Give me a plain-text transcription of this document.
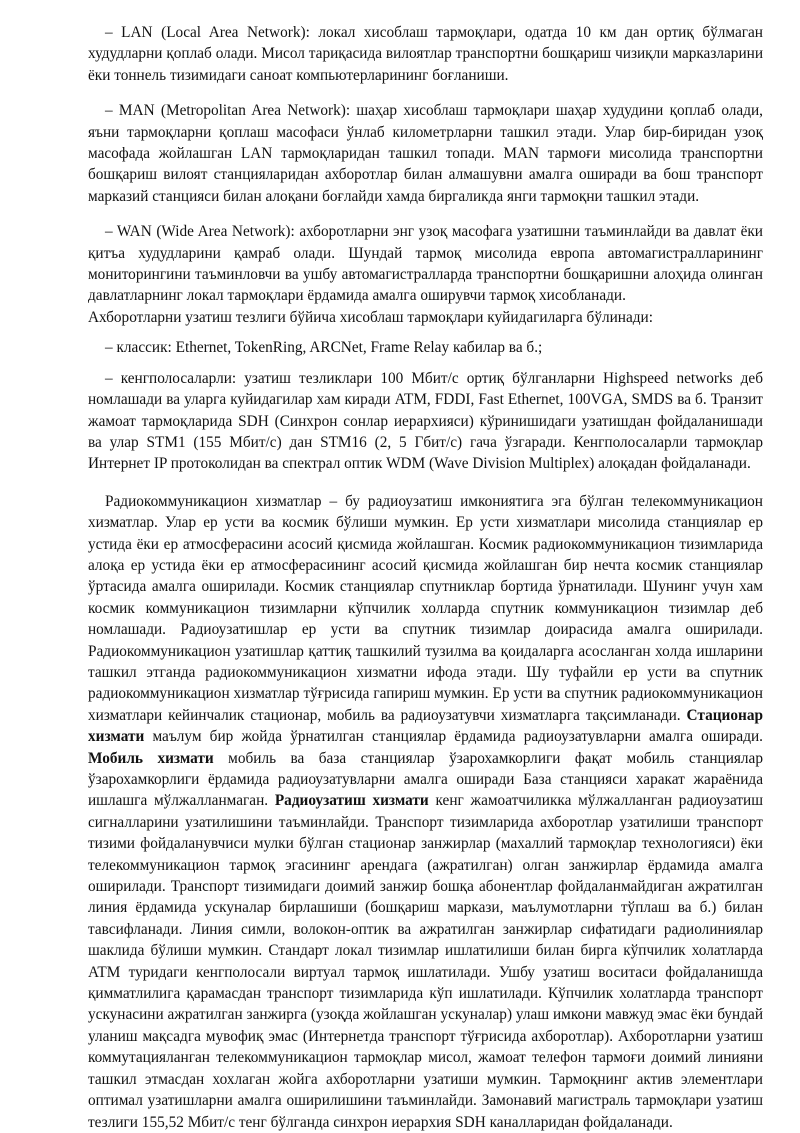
– LAN (Local Area Network): локал хисоблаш тармоқлари, одатда 10 км дан ортиқ бўлмаган худудларни қоплаб олади. Мисол тариқасида вилоятлар транспортни бошқариш чизиқли марказларини ёки тоннель тизимидаги саноат компьютерларининг боғланиши.

– MAN (Metropolitan Area Network): шаҳар хисоблаш тармоқлари шаҳар худудини қоплаб олади, яъни тармоқларни қоплаш масофаси ўнлаб километрларни ташкил этади. Улар бир-биридан узоқ масофада жойлашган LAN тармоқларидан ташкил топади. MAN тармоғи мисолида транспортни бошқариш вилоят станцияларидан ахборотлар билан алмашувни амалга оширади ва бош транспорт марказий станцияси билан алоқани боғлайди хамда биргаликда янги тармоқни ташкил этади.

– WAN (Wide Area Network): ахборотларни энг узоқ масофага узатишни таъминлайди ва давлат ёки қитъа худудларини қамраб олади. Шундай тармоқ мисолида европа автомагистралларининг мониторингини таъминловчи ва ушбу автомагистралларда транспортни бошқаришни алоҳида олинган давлатларнинг локал тармоқлари ёрдамида амалга оширувчи тармоқ хисобланади.

Ахборотларни узатиш тезлиги бўйича хисоблаш тармоқлари куйидагиларга бўлинади:

– классик: Ethernet, TokenRing, ARCNet, Frame Relay кабилар ва б.;

– кенгполосаларли: узатиш тезликлари 100 Мбит/с ортиқ бўлганларни Highspeed networks деб номлашади ва уларга куйидагилар хам киради ATM, FDDI, Fast Ethernet, 100VGA, SMDS ва б. Транзит жамоат тармоқларида SDH (Синхрон сонлар иерархияси) кўринишидаги узатишдан фойдаланишади ва улар STM1 (155 Мбит/с) дан STM16 (2, 5 Гбит/с) гача ўзгаради. Кенгполосаларли тармоқлар Интернет IP протоколидан ва спектрал оптик WDM (Wave Division Multiplex) алоқадан фойдаланади.

Радиокоммуникацион хизматлар – бу радиоузатиш имкониятига эга бўлган телекоммуникацион хизматлар. Улар ер усти ва космик бўлиши мумкин. Ер усти хизматлари мисолида станциялар ер устида ёки ер атмосферасини асосий қисмида жойлашган. Космик радиокоммуникацион тизимларида алоқа ер устида ёки ер атмосферасининг асосий қисмида жойлашган бир нечта космик станциялар ўртасида амалга оширилади. Космик станциялар спутниклар бортида ўрнатилади. Шунинг учун хам космик коммуникацион тизимларни кўпчилик холларда спутник коммуникацион тизимлар деб номлашади. Радиоузатишлар ер усти ва спутник тизимлар доирасида амалга оширилади. Радиокоммуникацион узатишлар қаттиқ ташкилий тузилма ва қоидаларга асосланган холда ишларини ташкил этганда радиокоммуникацион хизматни ифода этади. Шу туфайли ер усти ва спутник радиокоммуникацион хизматлар тўғрисида гапириш мумкин. Ер усти ва спутник радиокоммуникацион хизматлари кейинчалик стационар, мобиль ва радиоузатувчи хизматларга тақсимланади. Стационар хизмати маълум бир жойда ўрнатилган станциялар ёрдамида радиоузатувларни амалга оширади. Мобиль хизмати мобиль ва база станциялар ўзарохамкорлиги фақат мобиль станциялар ўзарохамкорлиги ёрдамида радиоузатувларни амалга оширади База станцияси харакат жараёнида ишлашга мўлжалланмаган. Радиоузатиш хизмати кенг жамоатчиликка мўлжалланган радиоузатиш сигналларини узатилишини таъминлайди. Транспорт тизимларида ахборотлар узатилиши транспорт тизими фойдаланувчиси мулки бўлган стационар занжирлар (махаллий тармоқлар технологияси) ёки телекоммуникацион тармоқ эгасининг арендага (ажратилган) олган занжирлар ёрдамида амалга оширилади. Транспорт тизимидаги доимий занжир бошқа абонентлар фойдаланмайдиган ажратилган линия ёрдамида ускуналар бирлашиши (бошқариш маркази, маълумотларни тўплаш ва б.) билан тавсифланади. Линия симли, волокон-оптик ва ажратилган занжирлар сифатидаги радиолиниялар шаклида бўлиши мумкин. Стандарт локал тизимлар ишлатилиши билан бирга кўпчилик холатларда ATM туридаги кенгполосали виртуал тармоқ ишлатилади. Ушбу узатиш воситаси фойдаланишда қимматлилига қарамасдан транспорт тизимларида кўп ишлатилади. Кўпчилик холатларда транспорт ускунасини ажратилган занжирга (узоқда жойлашган ускуналар) улаш имкони мавжуд эмас ёки бундай уланиш мақсадга мувофиқ эмас (Интернетда транспорт тўғрисида ахборотлар). Ахборотларни узатиш коммутацияланган телекоммуникацион тармоқлар мисол, жамоат телефон тармоғи доимий линияни ташкил этмасдан хохлаган жойга ахборотларни узатиши мумкин. Тармоқнинг актив элементлари оптимал узатишларни амалга оширилишини таъминлайди. Замонавий магистраль тармоқлари узатиш тезлиги 155,52 Мбит/с тенг бўлганда синхрон иерархия SDH каналларидан фойдаланади.
